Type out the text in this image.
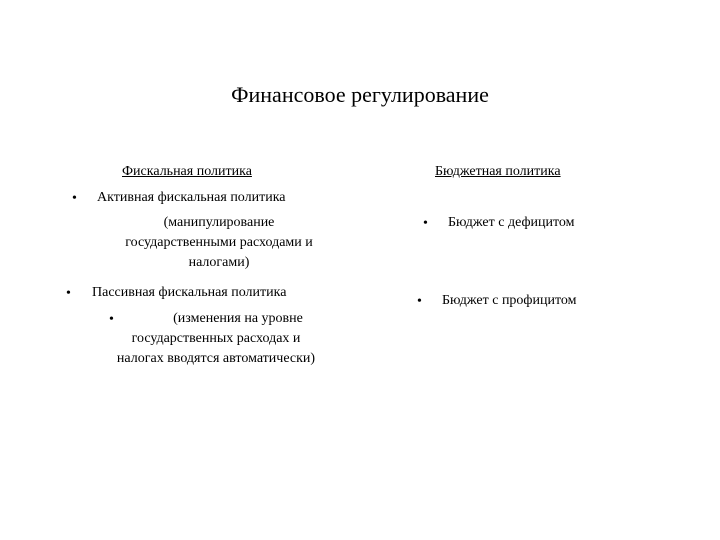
Финансовое регулирование
Фискальная политика
• Активная фискальная политика
(манипулирование
государственными расходами и
налогами)
• Пассивная фискальная политика
•	(изменения на уровне
государственных расходах и
налогах вводятся автоматически)
Бюджетная политика
• Бюджет с дефицитом
• Бюджет с профицитом
